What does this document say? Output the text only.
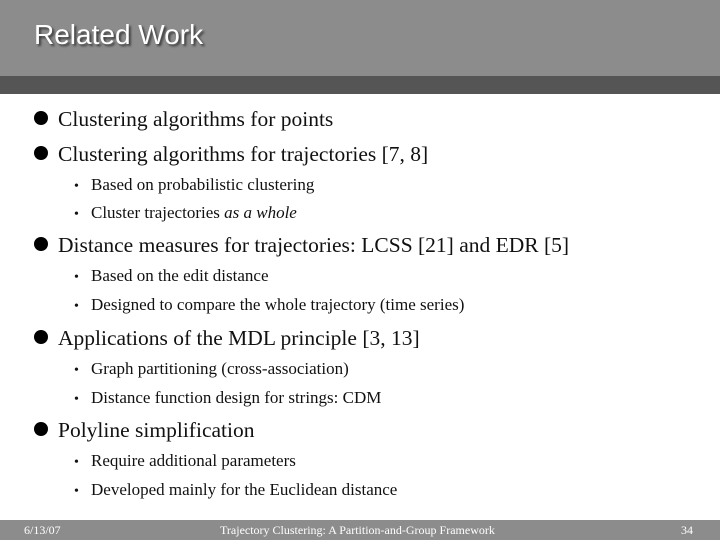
Related Work
Clustering algorithms for points
Clustering algorithms for trajectories [7, 8]
• Based on probabilistic clustering
• Cluster trajectories as a whole
Distance measures for trajectories: LCSS [21] and EDR [5]
• Based on the edit distance
• Designed to compare the whole trajectory (time series)
Applications of the MDL principle [3, 13]
• Graph partitioning (cross-association)
• Distance function design for strings: CDM
Polyline simplification
• Require additional parameters
• Developed mainly for the Euclidean distance
6/13/07	Trajectory Clustering: A Partition-and-Group Framework	34
